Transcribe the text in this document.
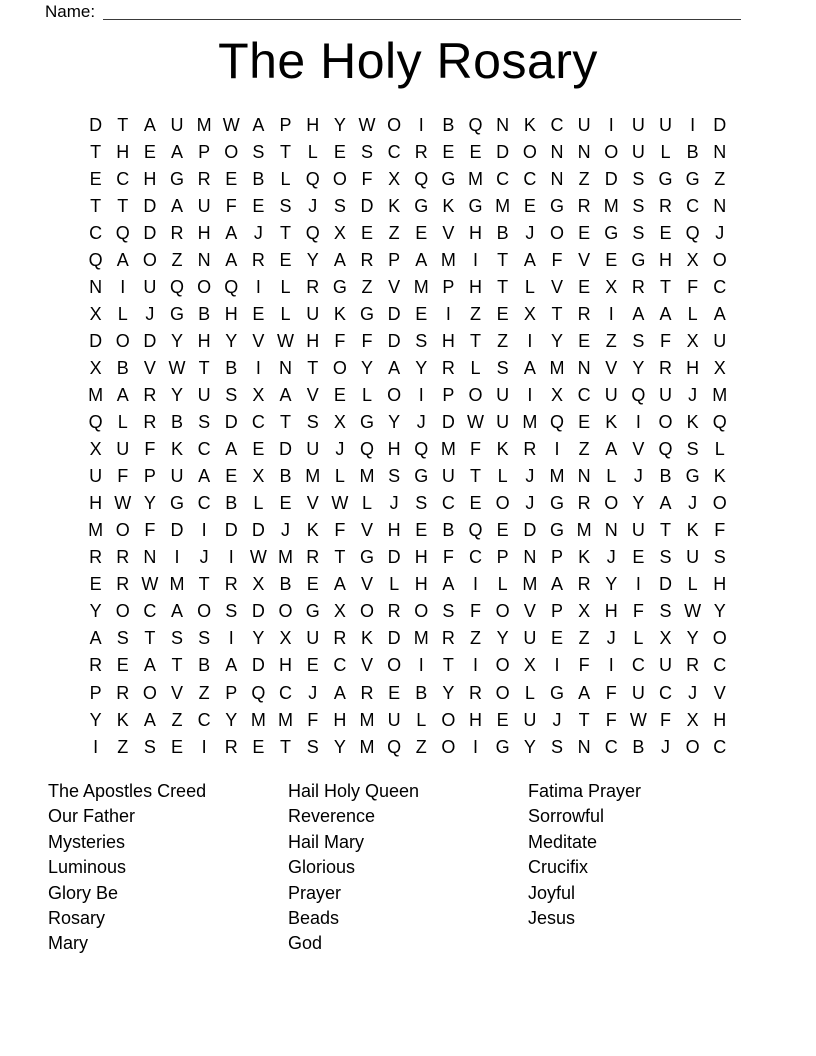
Name:
The Holy Rosary
D T A U M W A P H Y W O I	B Q N K C U	I	U U	I	D
T H E A P O S T L E S C R E E D O N N O U L B N
E C H G R E B L Q O F X Q G M C C N Z D S G G Z
T T D A U F E S J S D K G K G M E G R M S R C N
C Q D R H A J T Q X E Z E V H B J O E G S E Q J
Q A O Z N A R E Y A R P A M I	T A F V E G H X O
N	I	U Q O Q I	L R G Z V M P H T L V E X R T F C
X L J G B H E L U K G D E	I	Z E X T R	I	A A L A
D O D Y H Y V W H F F D S H T Z	I	Y E Z S F X U
X B V W T B	I	N T O Y A Y R L S A M N V Y R H X
M A R Y U S X A V E L O I	P O U	I	X C U Q U J M
Q L R B S D C T S X G Y J D W U M Q E K	I O K Q
X U F K C A E D U J Q H Q M F K R	I	Z A V Q S L
U F P U A E X B M L M S G U T L J M N L J B G K
H W Y G C B L E V W L J S C E O J G R O Y A J O
M O F D	I	D D J K F V H E B Q E D G M N U T K F
R R N	I	J	I W M R T G D H F C P N P K J E S U S
E R W M T R X B E A V L H A	I	L M A R Y	I	D L H
Y O C A O S D O G X O R O S F O V P X H F S W Y
A S T S S	I	Y X U R K D M R Z Y U E Z J L X Y O
R E A T B A D H E C V O I	T	I O X	I	F	I	C U R C
P R O V Z P Q C J A R E B Y R O L G A F U C J V
Y K A Z C Y M M F H M U L O H E U J T F W F X H
I	Z S E	I	R E T S Y M Q Z O I G Y S N C B J O C
The Apostles Creed
Our Father
Mysteries
Luminous
Glory Be
Rosary
Mary
Hail Holy Queen
Reverence
Hail Mary
Glorious
Prayer
Beads
God
Fatima Prayer
Sorrowful
Meditate
Crucifix
Joyful
Jesus
